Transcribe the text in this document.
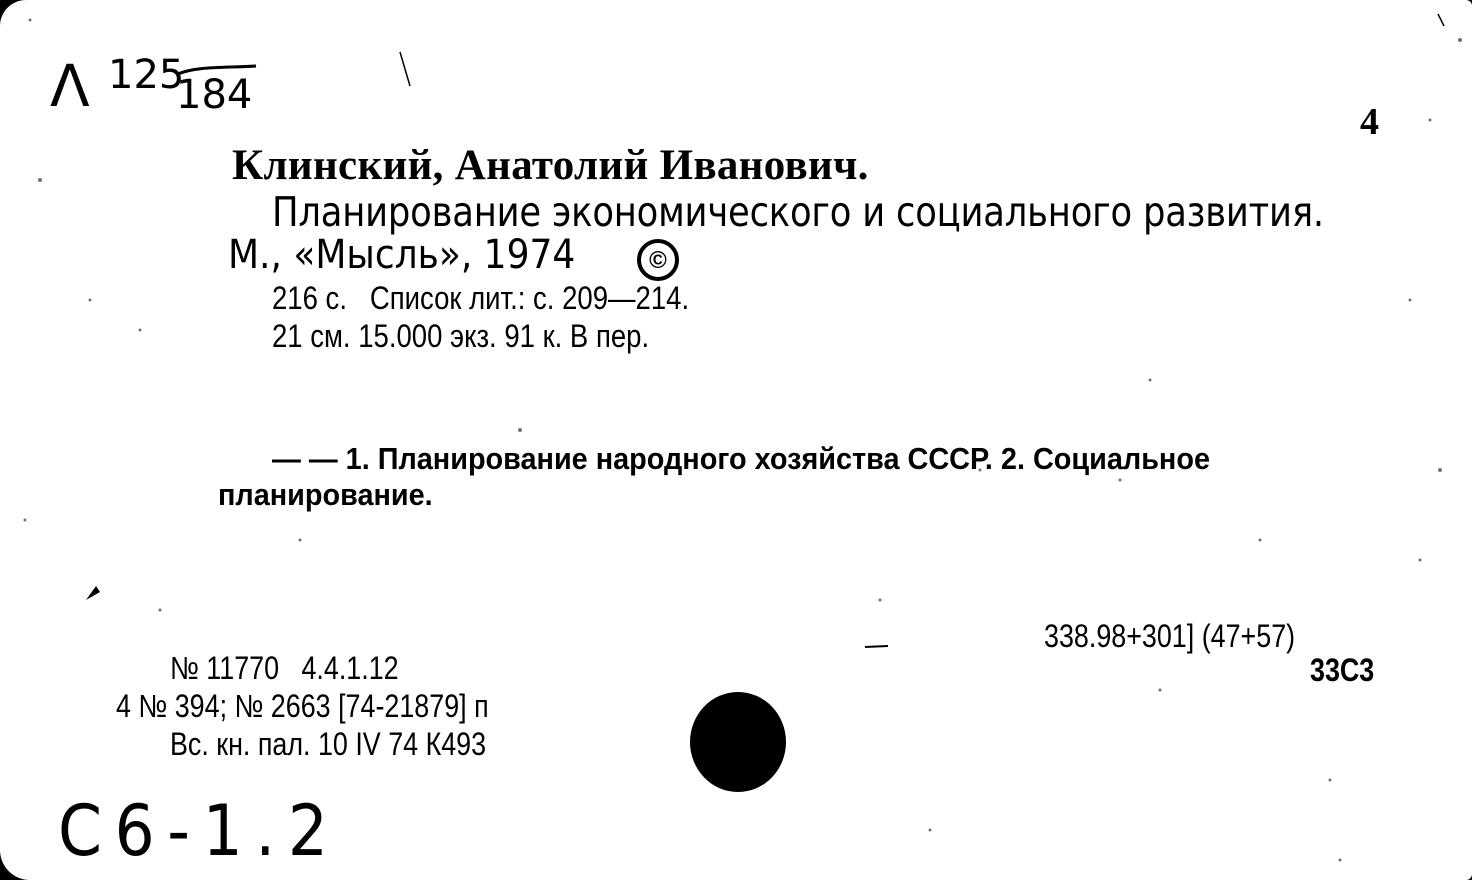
Λ 125
184
4
Клинский, Анатолий Иванович.
Планирование экономического и социального развития.
М., «Мысль», 1974	©
216 с.   Список лит.: с. 209—214.
21 см. 15.000 экз. 91 к. В пер.
— — 1. Планирование народного хозяйства СССР. 2. Социальное
планирование.
№ 11770   4.4.1.12
4 № 394; № 2663 [74-21879] п
Вс. кн. пал. 10 IV 74 К493
338.98+301] (47+57)
33С3
С6-1.2
